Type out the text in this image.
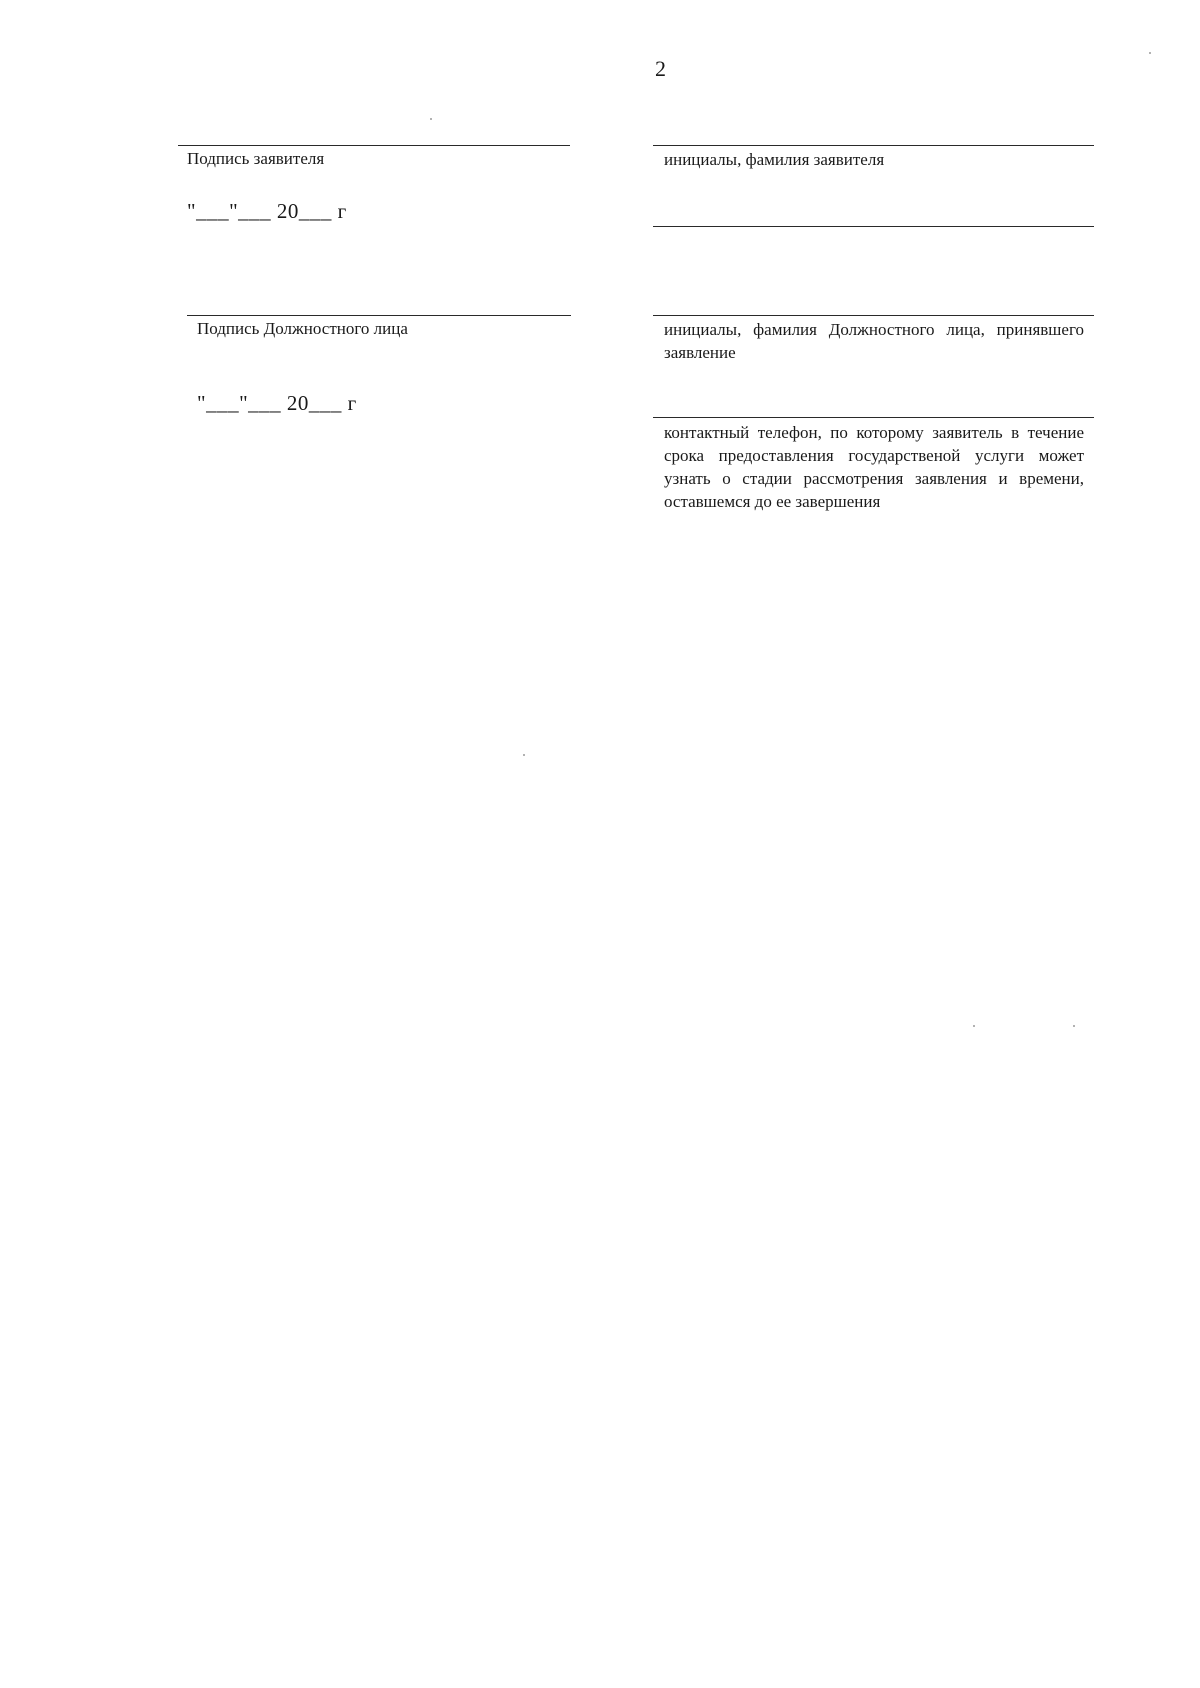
2
Подпись заявителя	инициалы, фамилия заявителя
"___"___ 20___ г
Подпись Должностного лица	инициалы, фамилия Должностного лица, принявшего заявление
"___"___ 20___ г
контактный телефон, по которому заявитель в течение срока предоставления государственой услуги может узнать о стадии рассмотрения заявления и времени, оставшемся до ее завершения
